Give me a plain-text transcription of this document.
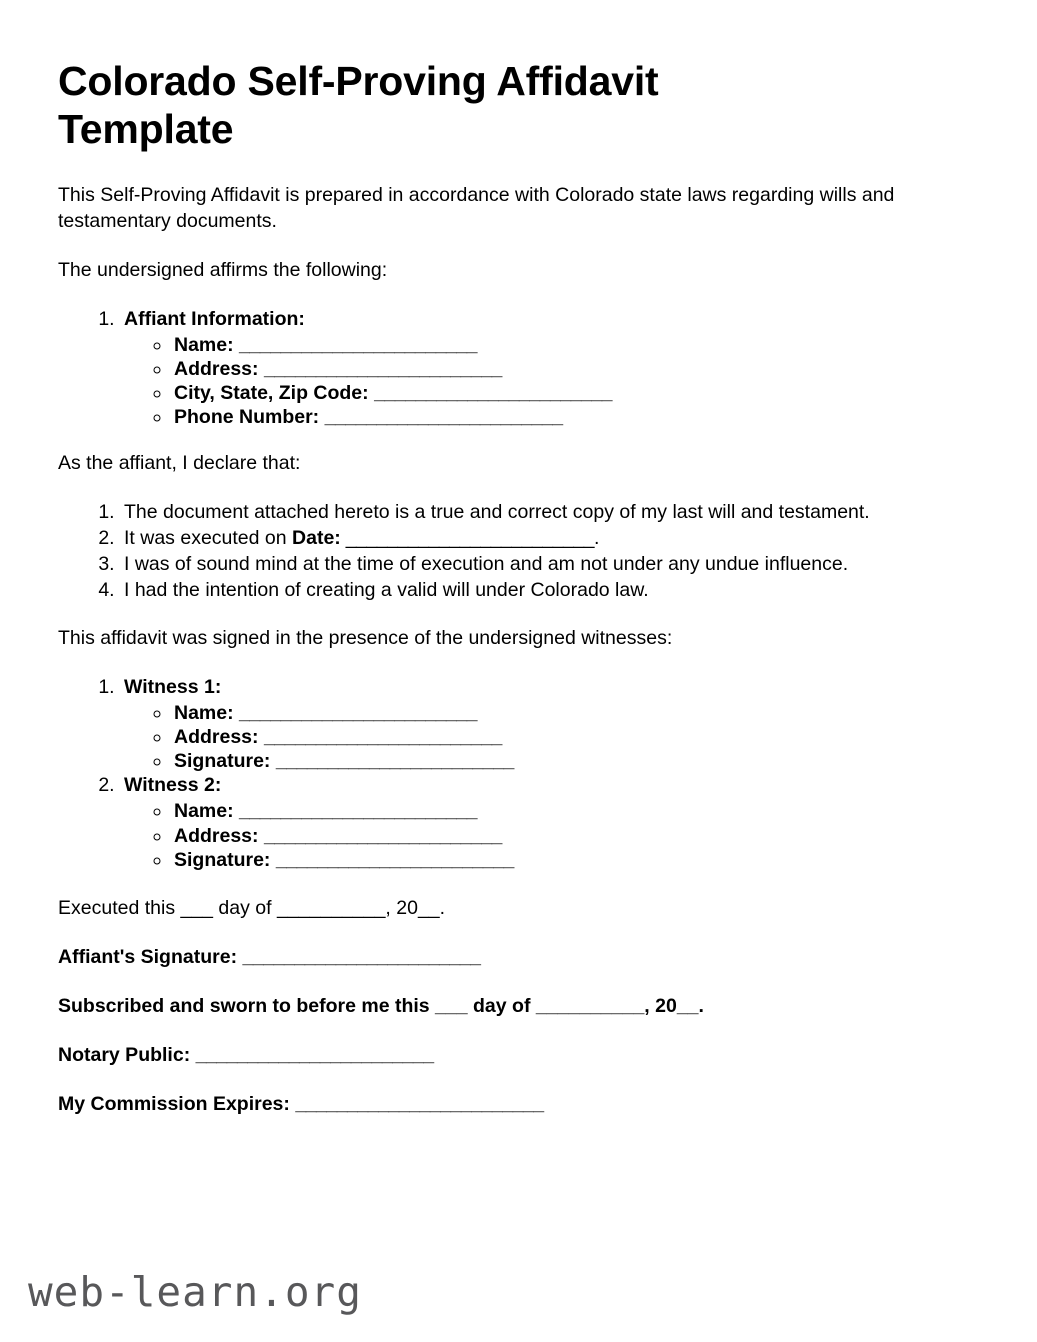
Colorado Self-Proving Affidavit Template

This Self-Proving Affidavit is prepared in accordance with Colorado state laws regarding wills and testamentary documents.

The undersigned affirms the following:

1. Affiant Information:
◦ Name: _______________________
◦ Address: _______________________
◦ City, State, Zip Code: _______________________
◦ Phone Number: _______________________

As the affiant, I declare that:

1. The document attached hereto is a true and correct copy of my last will and testament.
2. It was executed on Date: ________________________.
3. I was of sound mind at the time of execution and am not under any undue influence.
4. I had the intention of creating a valid will under Colorado law.

This affidavit was signed in the presence of the undersigned witnesses:

1. Witness 1:
◦ Name: _______________________
◦ Address: _______________________
◦ Signature: _______________________
2. Witness 2:
◦ Name: _______________________
◦ Address: _______________________
◦ Signature: _______________________

Executed this ___ day of __________, 20__.

Affiant's Signature: _______________________

Subscribed and sworn to before me this ___ day of __________, 20__.

Notary Public: _______________________

My Commission Expires: ________________________

web-learn.org
